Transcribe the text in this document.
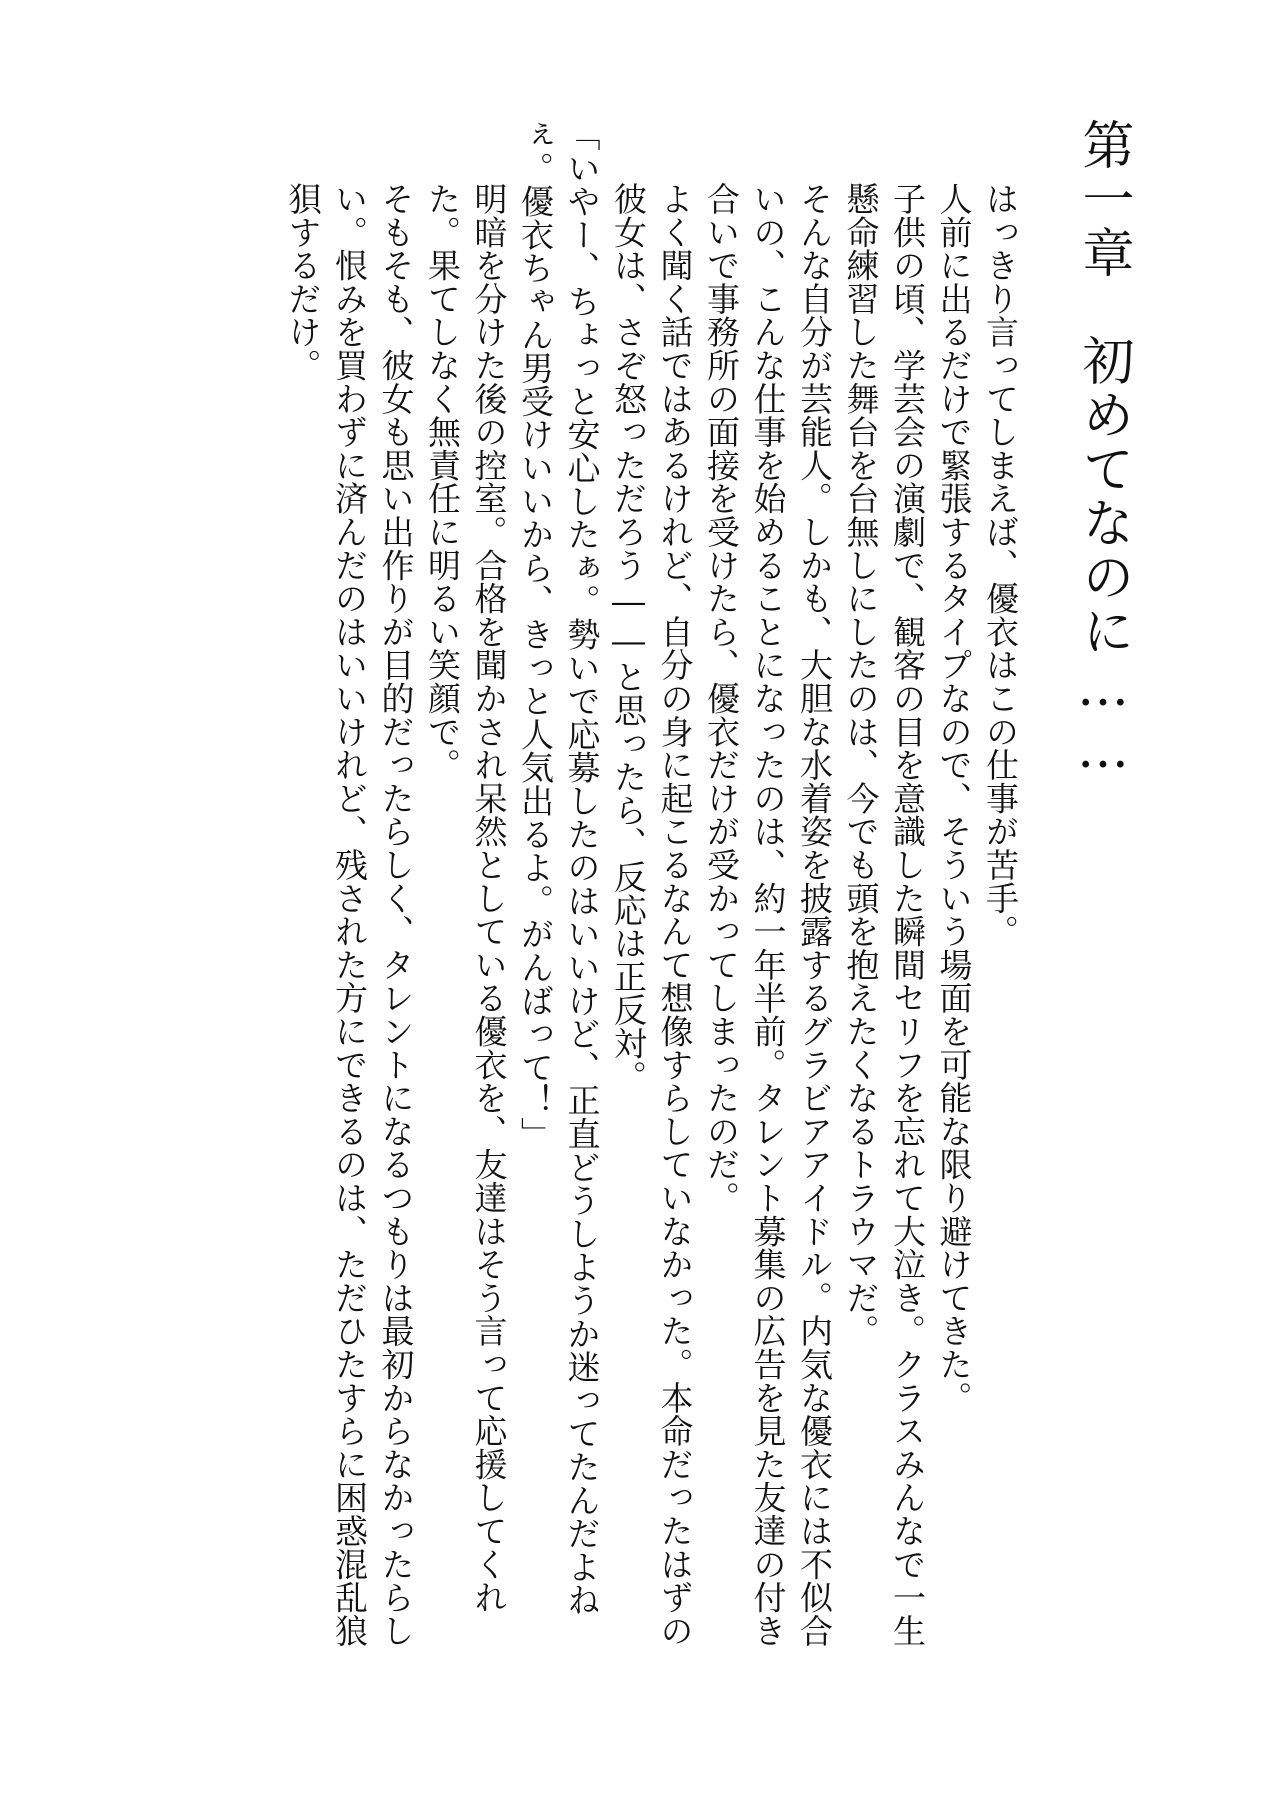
第一章　初めてなのに……

はっきり言ってしまえば、優衣はこの仕事が苦手。

人前に出るだけで緊張するタイプなので、そういう場面を可能な限り避けてきた。

子供の頃、学芸会の演劇で、観客の目を意識した瞬間セリフを忘れて大泣き。クラスみんなで一生懸命練習した舞台を台無しにしたのは、今でも頭を抱えたくなるトラウマだ。

そんな自分が芸能人。しかも、大胆な水着姿を披露するグラビアアイドル。内気な優衣には不似合いの、こんな仕事を始めることになったのは、約一年半前。タレント募集の広告を見た友達の付き合いで事務所の面接を受けたら、優衣だけが受かってしまったのだ。

よく聞く話ではあるけれど、自分の身に起こるなんて想像すらしていなかった。本命だったはずの彼女は、さぞ怒っただろう――と思ったら、反応は正反対。

「いやー、ちょっと安心したぁ。勢いで応募したのはいいけど、正直どうしようか迷ってたんだよねぇ。優衣ちゃん男受けいいから、きっと人気出るよ。がんばって！」

明暗を分けた後の控室。合格を聞かされ呆然としている優衣を、友達はそう言って応援してくれた。果てしなく無責任に明るい笑顔で。

そもそも、彼女も思い出作りが目的だったらしく、タレントになるつもりは最初からなかったらしい。恨みを買わずに済んだのはいいけれど、残された方にできるのは、ただひたすらに困惑混乱狼狽するだけ。
